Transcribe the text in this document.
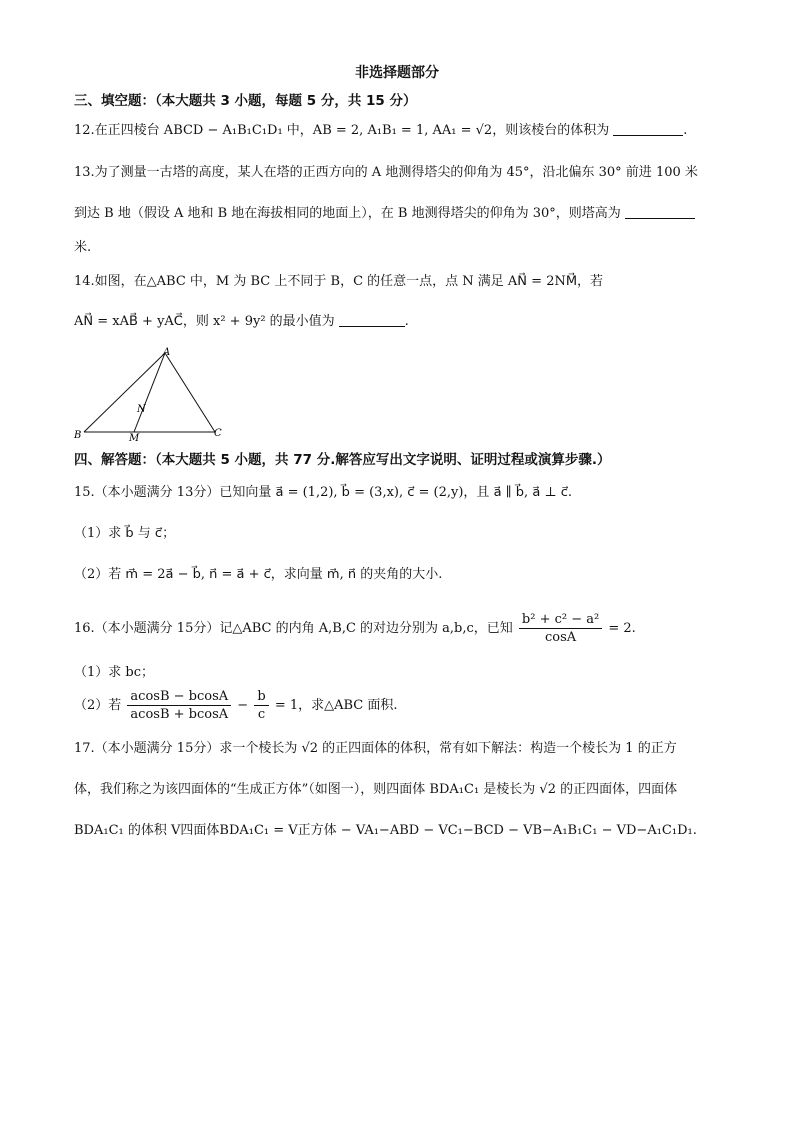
非选择题部分
三、填空题：（本大题共 3 小题，每题 5 分，共 15 分）
12.在正四棱台 ABCD − A₁B₁C₁D₁ 中，AB = 2, A₁B₁ = 1, AA₁ = √2，则该棱台的体积为	.
13.为了测量一古塔的高度，某人在塔的正西方向的 A 地测得塔尖的仰角为 45°，沿北偏东 30° 前进 100 米
到达 B 地（假设 A 地和 B 地在海拔相同的地面上），在 B 地测得塔尖的仰角为 30°，则塔高为
米.
14.如图，在△ABC 中，M 为 BC 上不同于 B，C 的任意一点，点 N 满足 AN⃗ = 2NM⃗，若
AN⃗ = xAB⃗ + yAC⃗，则 x² + 9y² 的最小值为	.
A
B	C
M
N
四、解答题：（本大题共 5 小题，共 77 分.解答应写出文字说明、证明过程或演算步骤.）
15.（本小题满分 13分）已知向量 a⃗ = (1,2), b⃗ = (3,x), c⃗ = (2,y)，且 a⃗ ∥ b⃗, a⃗ ⊥ c⃗.
（1）求 b⃗ 与 c⃗；
（2）若 m⃗ = 2a⃗ − b⃗, n⃗ = a⃗ + c⃗，求向量 m⃗, n⃗ 的夹角的大小.
16.（本小题满分 15分）记△ABC 的内角 A,B,C 的对边分别为 a,b,c，已知 $\frac{\text{b² + c² − a²}}{\cos A} = 2$.
（1）求 bc；
（2）若 $\frac{acosB - bcosA}{acosB + bcosA} - \frac{b}{c} = 1$，求△ABC 面积.
17.（本小题满分 15分）求一个棱长为 √2 的正四面体的体积，常有如下解法：构造一个棱长为 1 的正方
体，我们称之为该四面体的“生成正方体”（如图一），则四面体 BDA₁C₁ 是棱长为 √2 的正四面体，四面体
BDA₁C₁ 的体积 V四面体BDA₁C₁ = V正方体 − VA₁−ABD − VC₁−BCD − VB−A₁B₁C₁ − VD−A₁C₁D₁.
